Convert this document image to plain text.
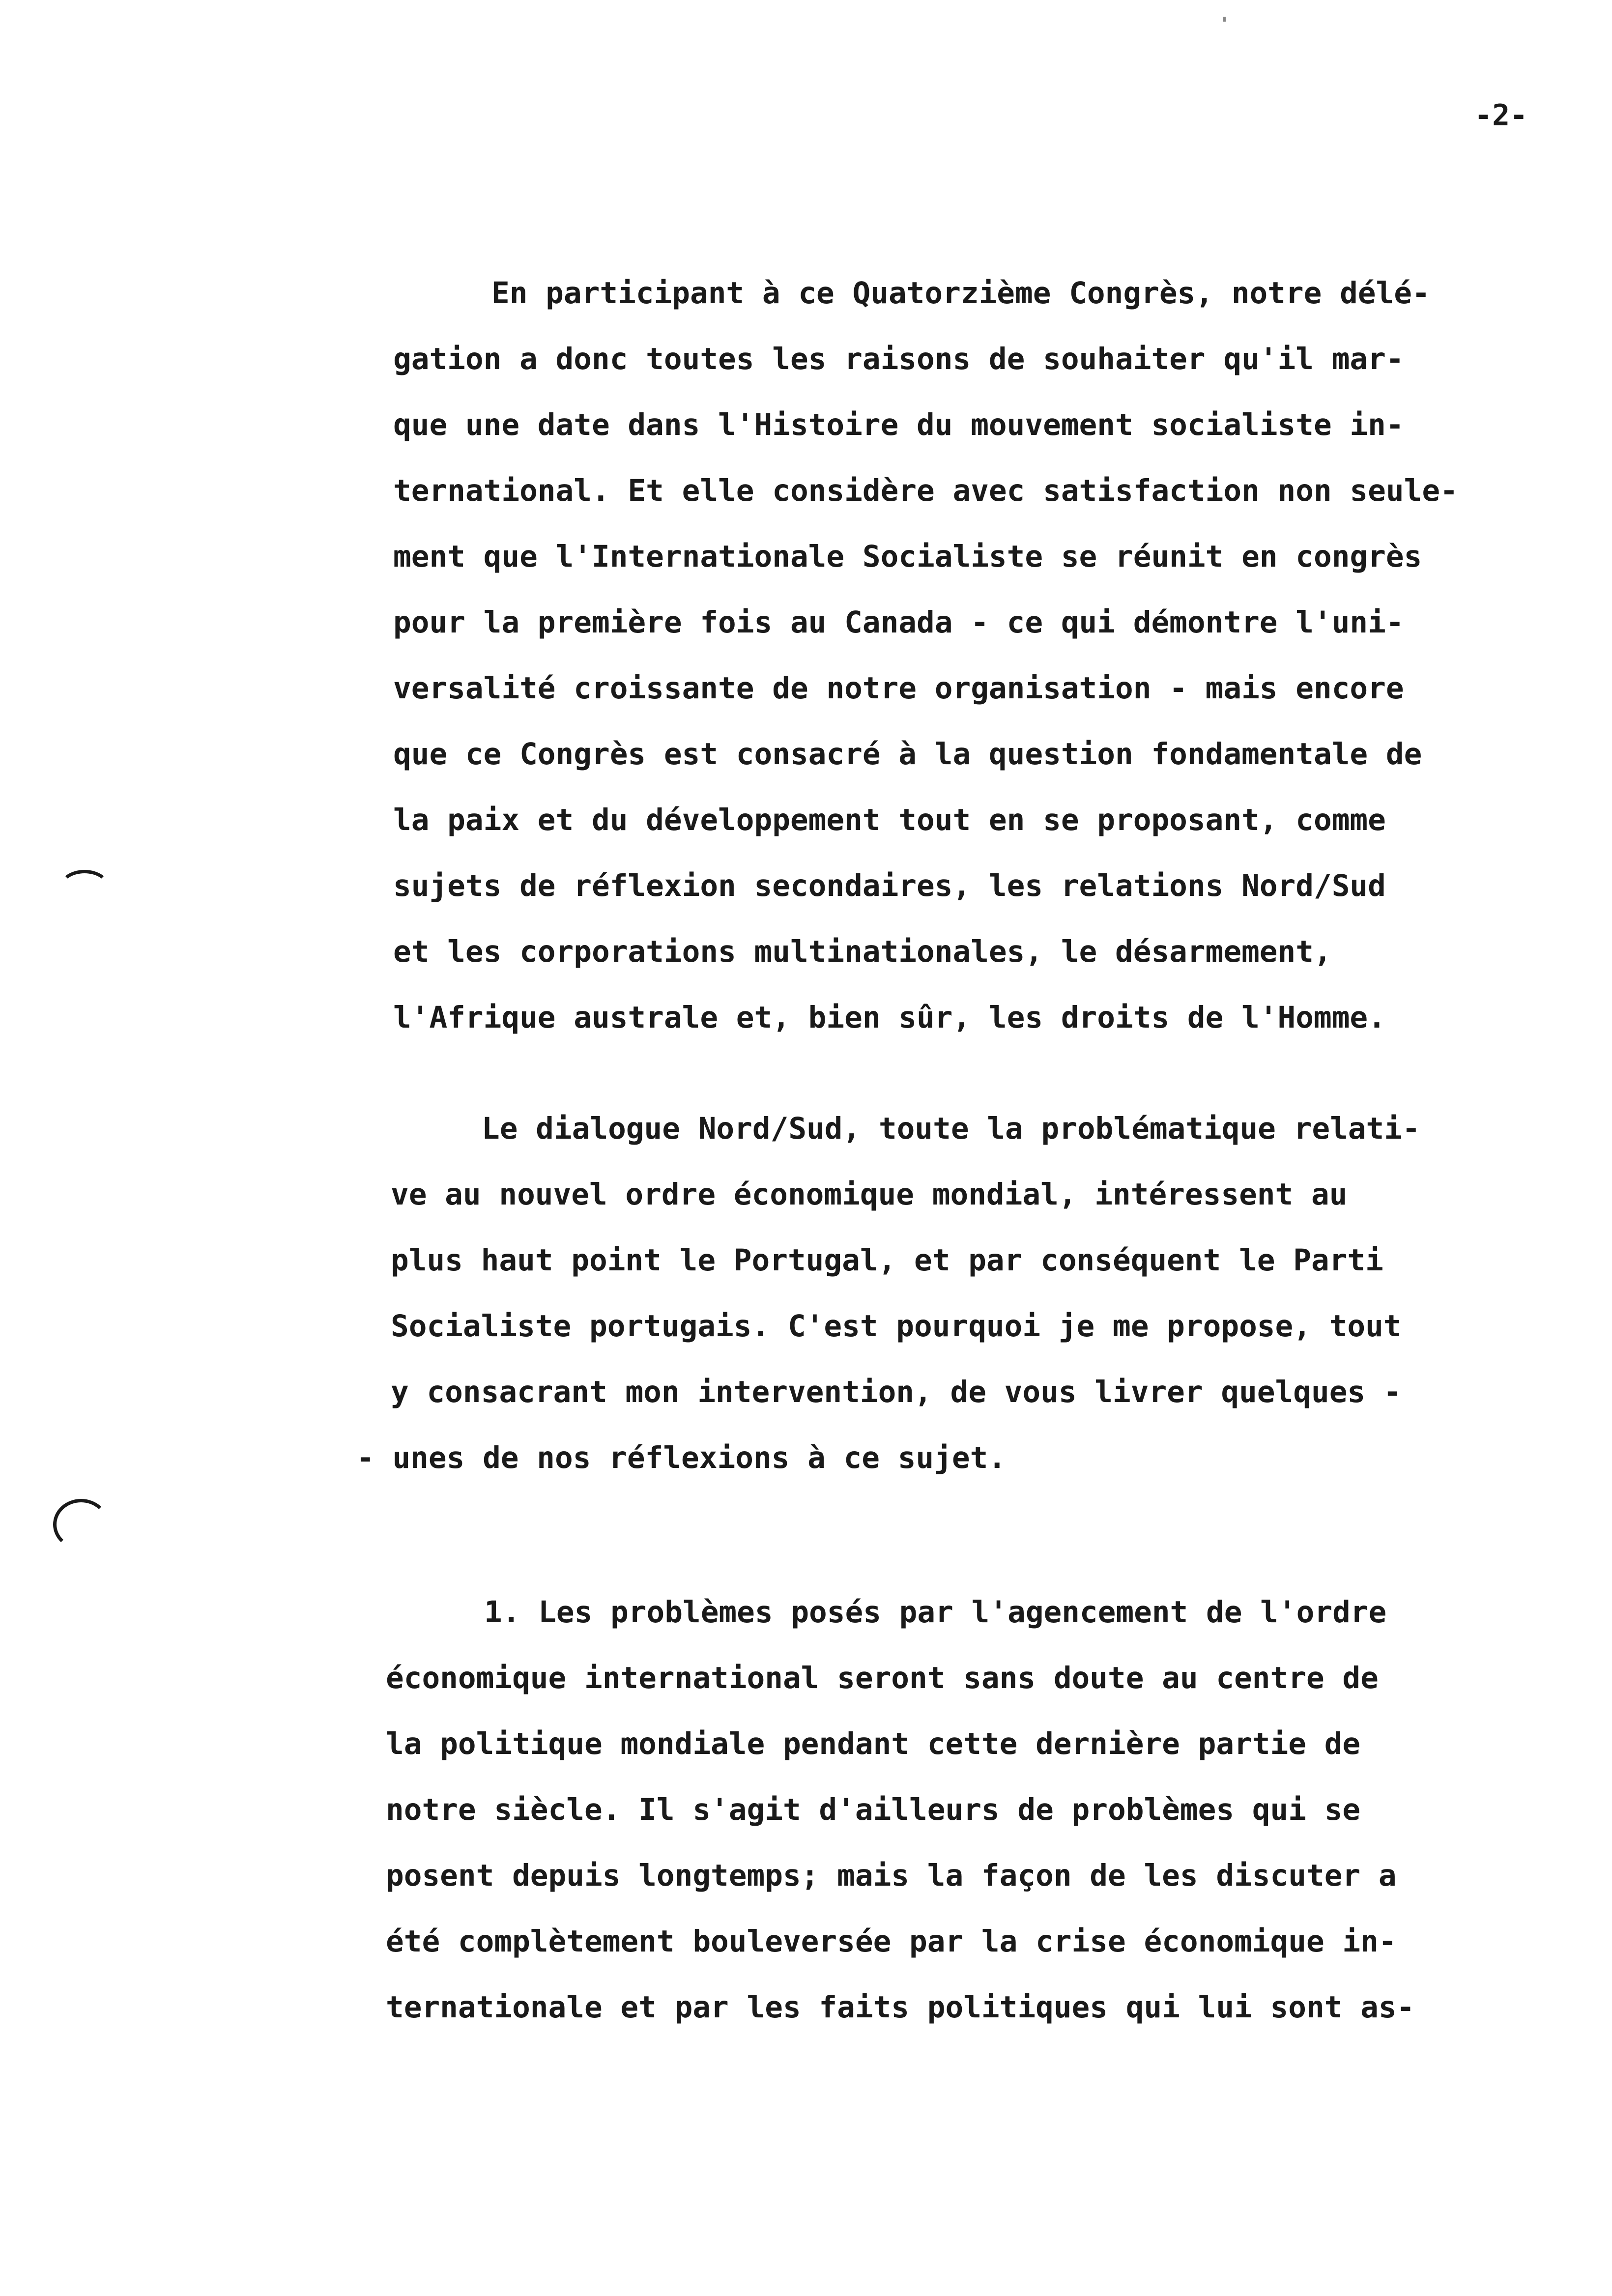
-2-
En participant à ce Quatorzième Congrès, notre délé-
gation a donc toutes les raisons de souhaiter qu'il mar-
que une date dans l'Histoire du mouvement socialiste in-
ternational. Et elle considère avec satisfaction non seule-
ment que l'Internationale Socialiste se réunit en congrès
pour la première fois au Canada - ce qui démontre l'uni-
versalité croissante de notre organisation - mais encore
que ce Congrès est consacré à la question fondamentale de
la paix et du développement tout en se proposant, comme
sujets de réflexion secondaires, les relations Nord/Sud
et les corporations multinationales, le désarmement,
l'Afrique australe et, bien sûr, les droits de l'Homme.
Le dialogue Nord/Sud, toute la problématique relati-
ve au nouvel ordre économique mondial, intéressent au
plus haut point le Portugal, et par conséquent le Parti
Socialiste portugais. C'est pourquoi je me propose, tout
y consacrant mon intervention, de vous livrer quelques -
- unes de nos réflexions à ce sujet.
1. Les problèmes posés par l'agencement de l'ordre
économique international seront sans doute au centre de
la politique mondiale pendant cette dernière partie de
notre siècle. Il s'agit d'ailleurs de problèmes qui se
posent depuis longtemps; mais la façon de les discuter a
été complètement bouleversée par la crise économique in-
ternationale et par les faits politiques qui lui sont as-
